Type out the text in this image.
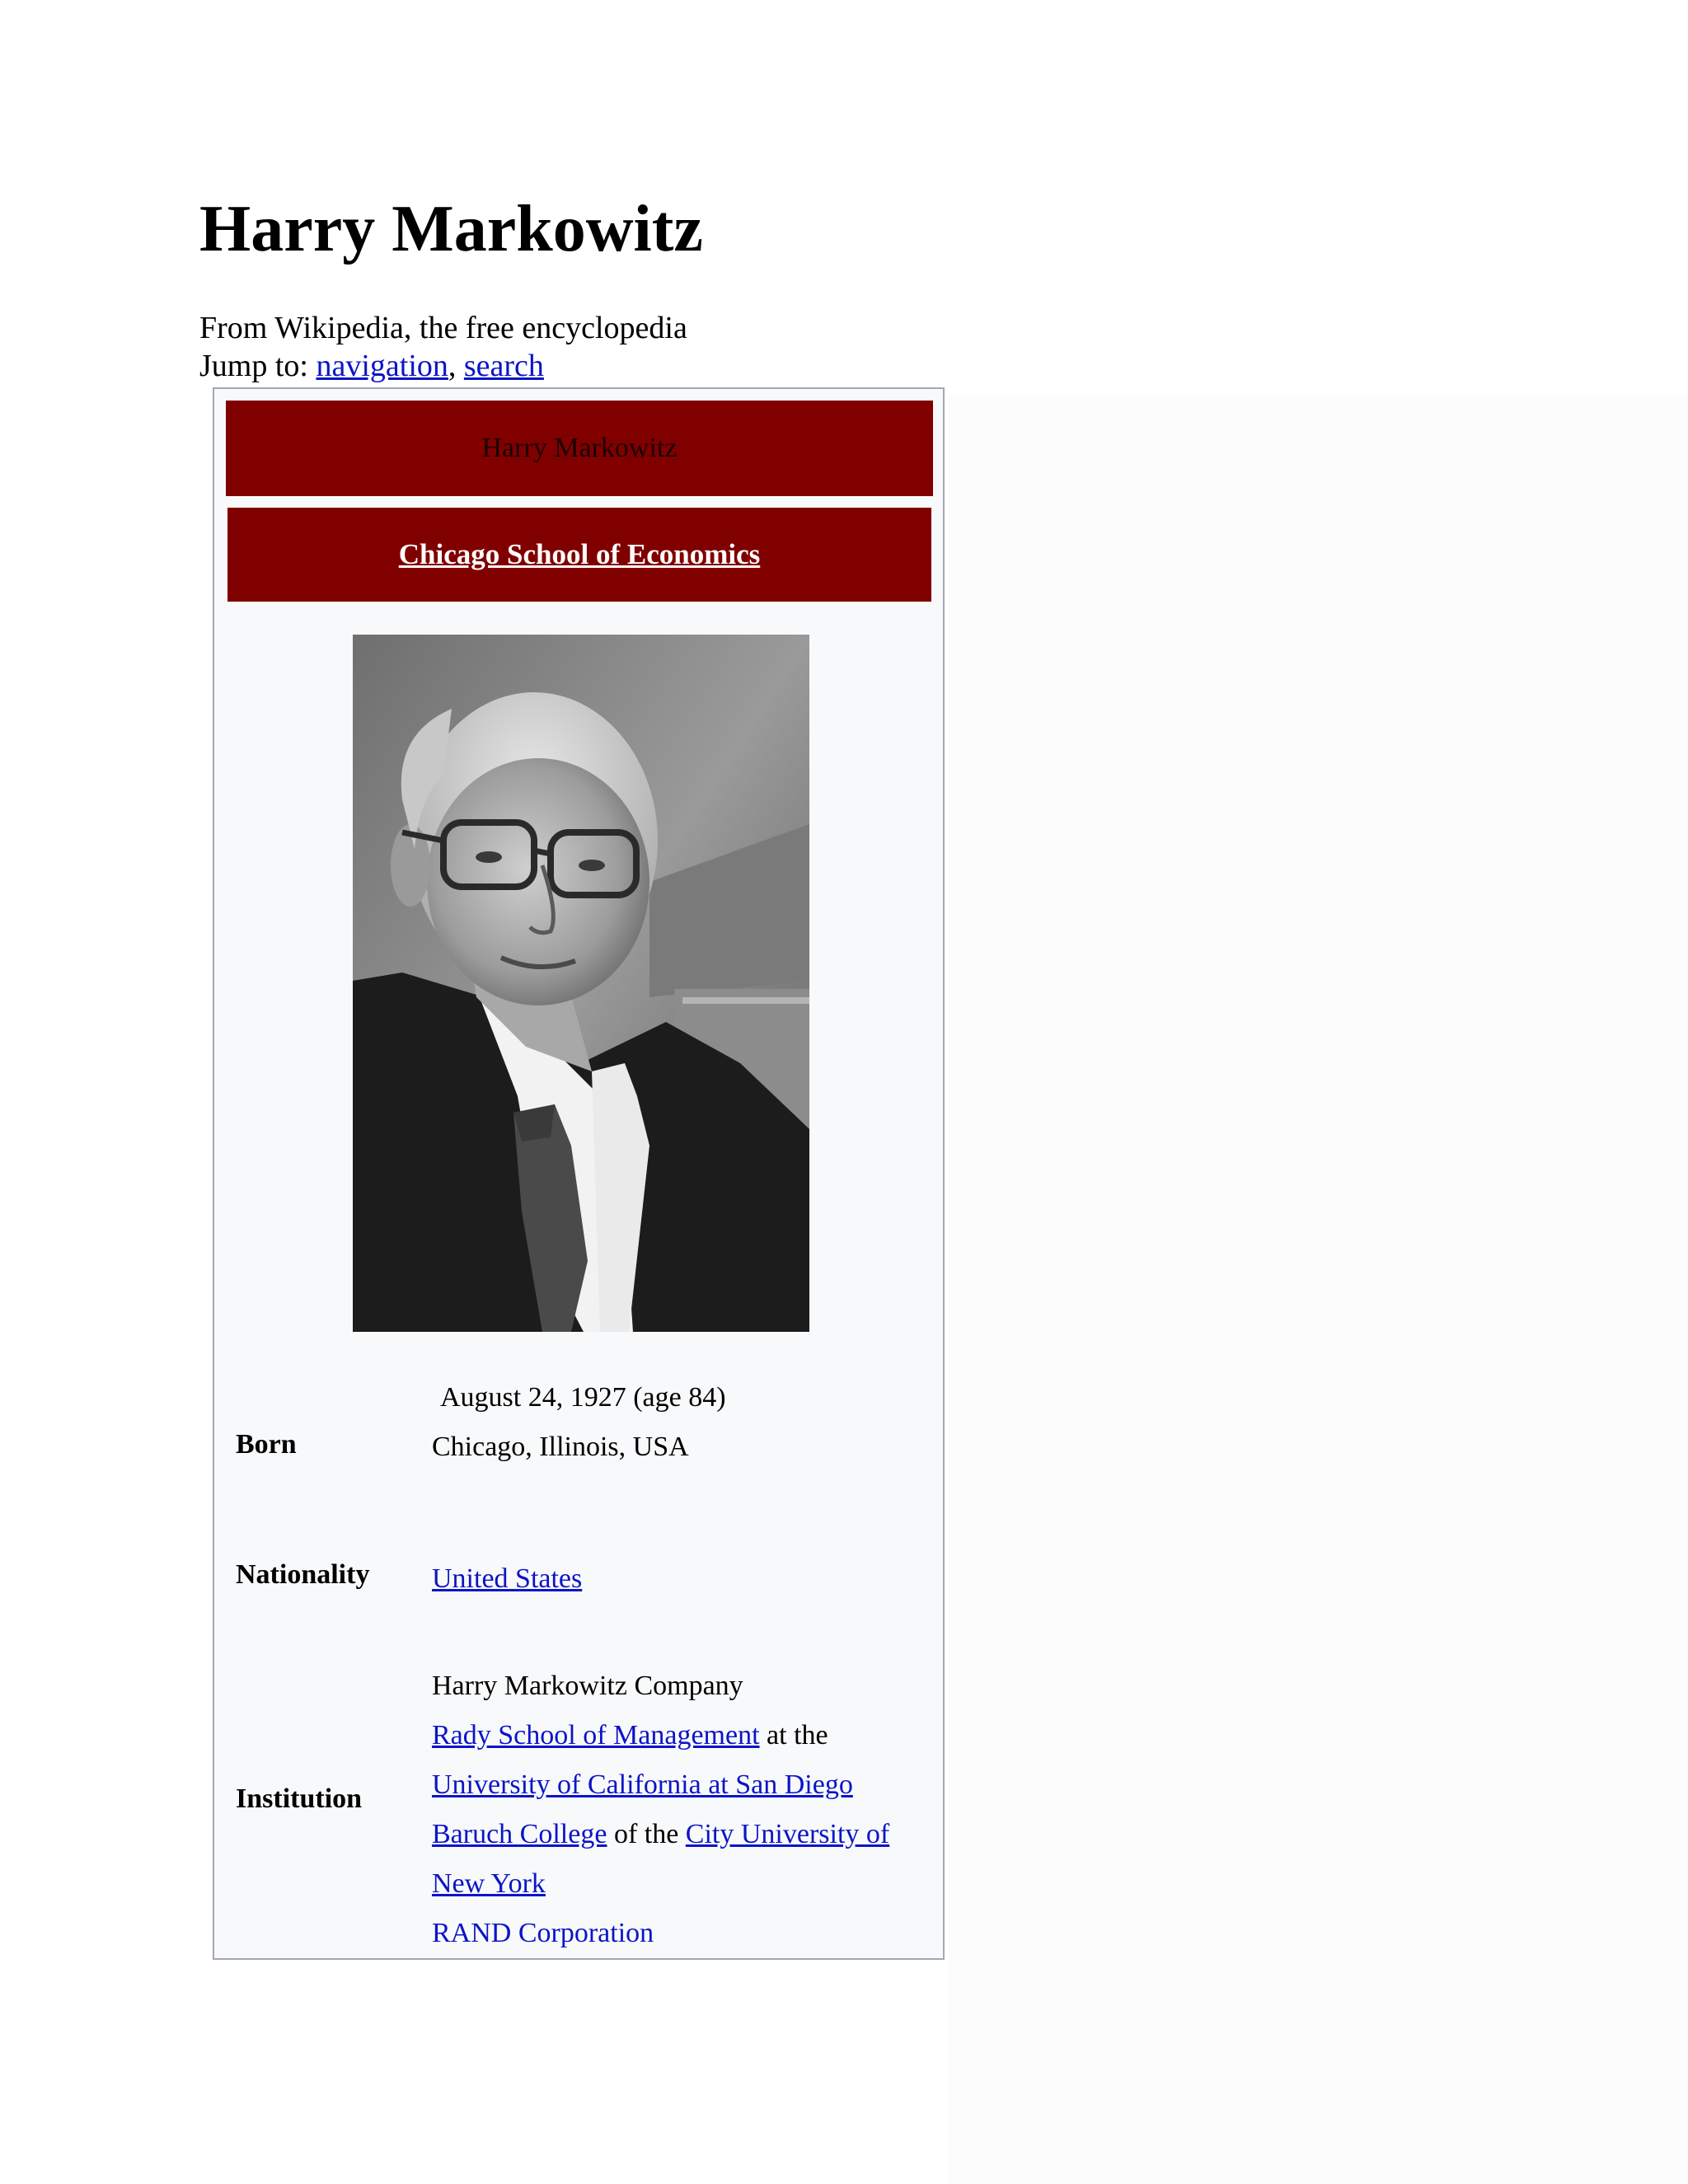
Harry Markowitz
From Wikipedia, the free encyclopedia
Jump to: navigation, search
Harry Markowitz
Chicago School of Economics
Born
August 24, 1927 (age 84)
Chicago, Illinois, USA
Nationality United States
Institution
Harry Markowitz Company
Rady School of Management at the
University of California at San Diego
Baruch College of the City University of
New York
RAND Corporation
